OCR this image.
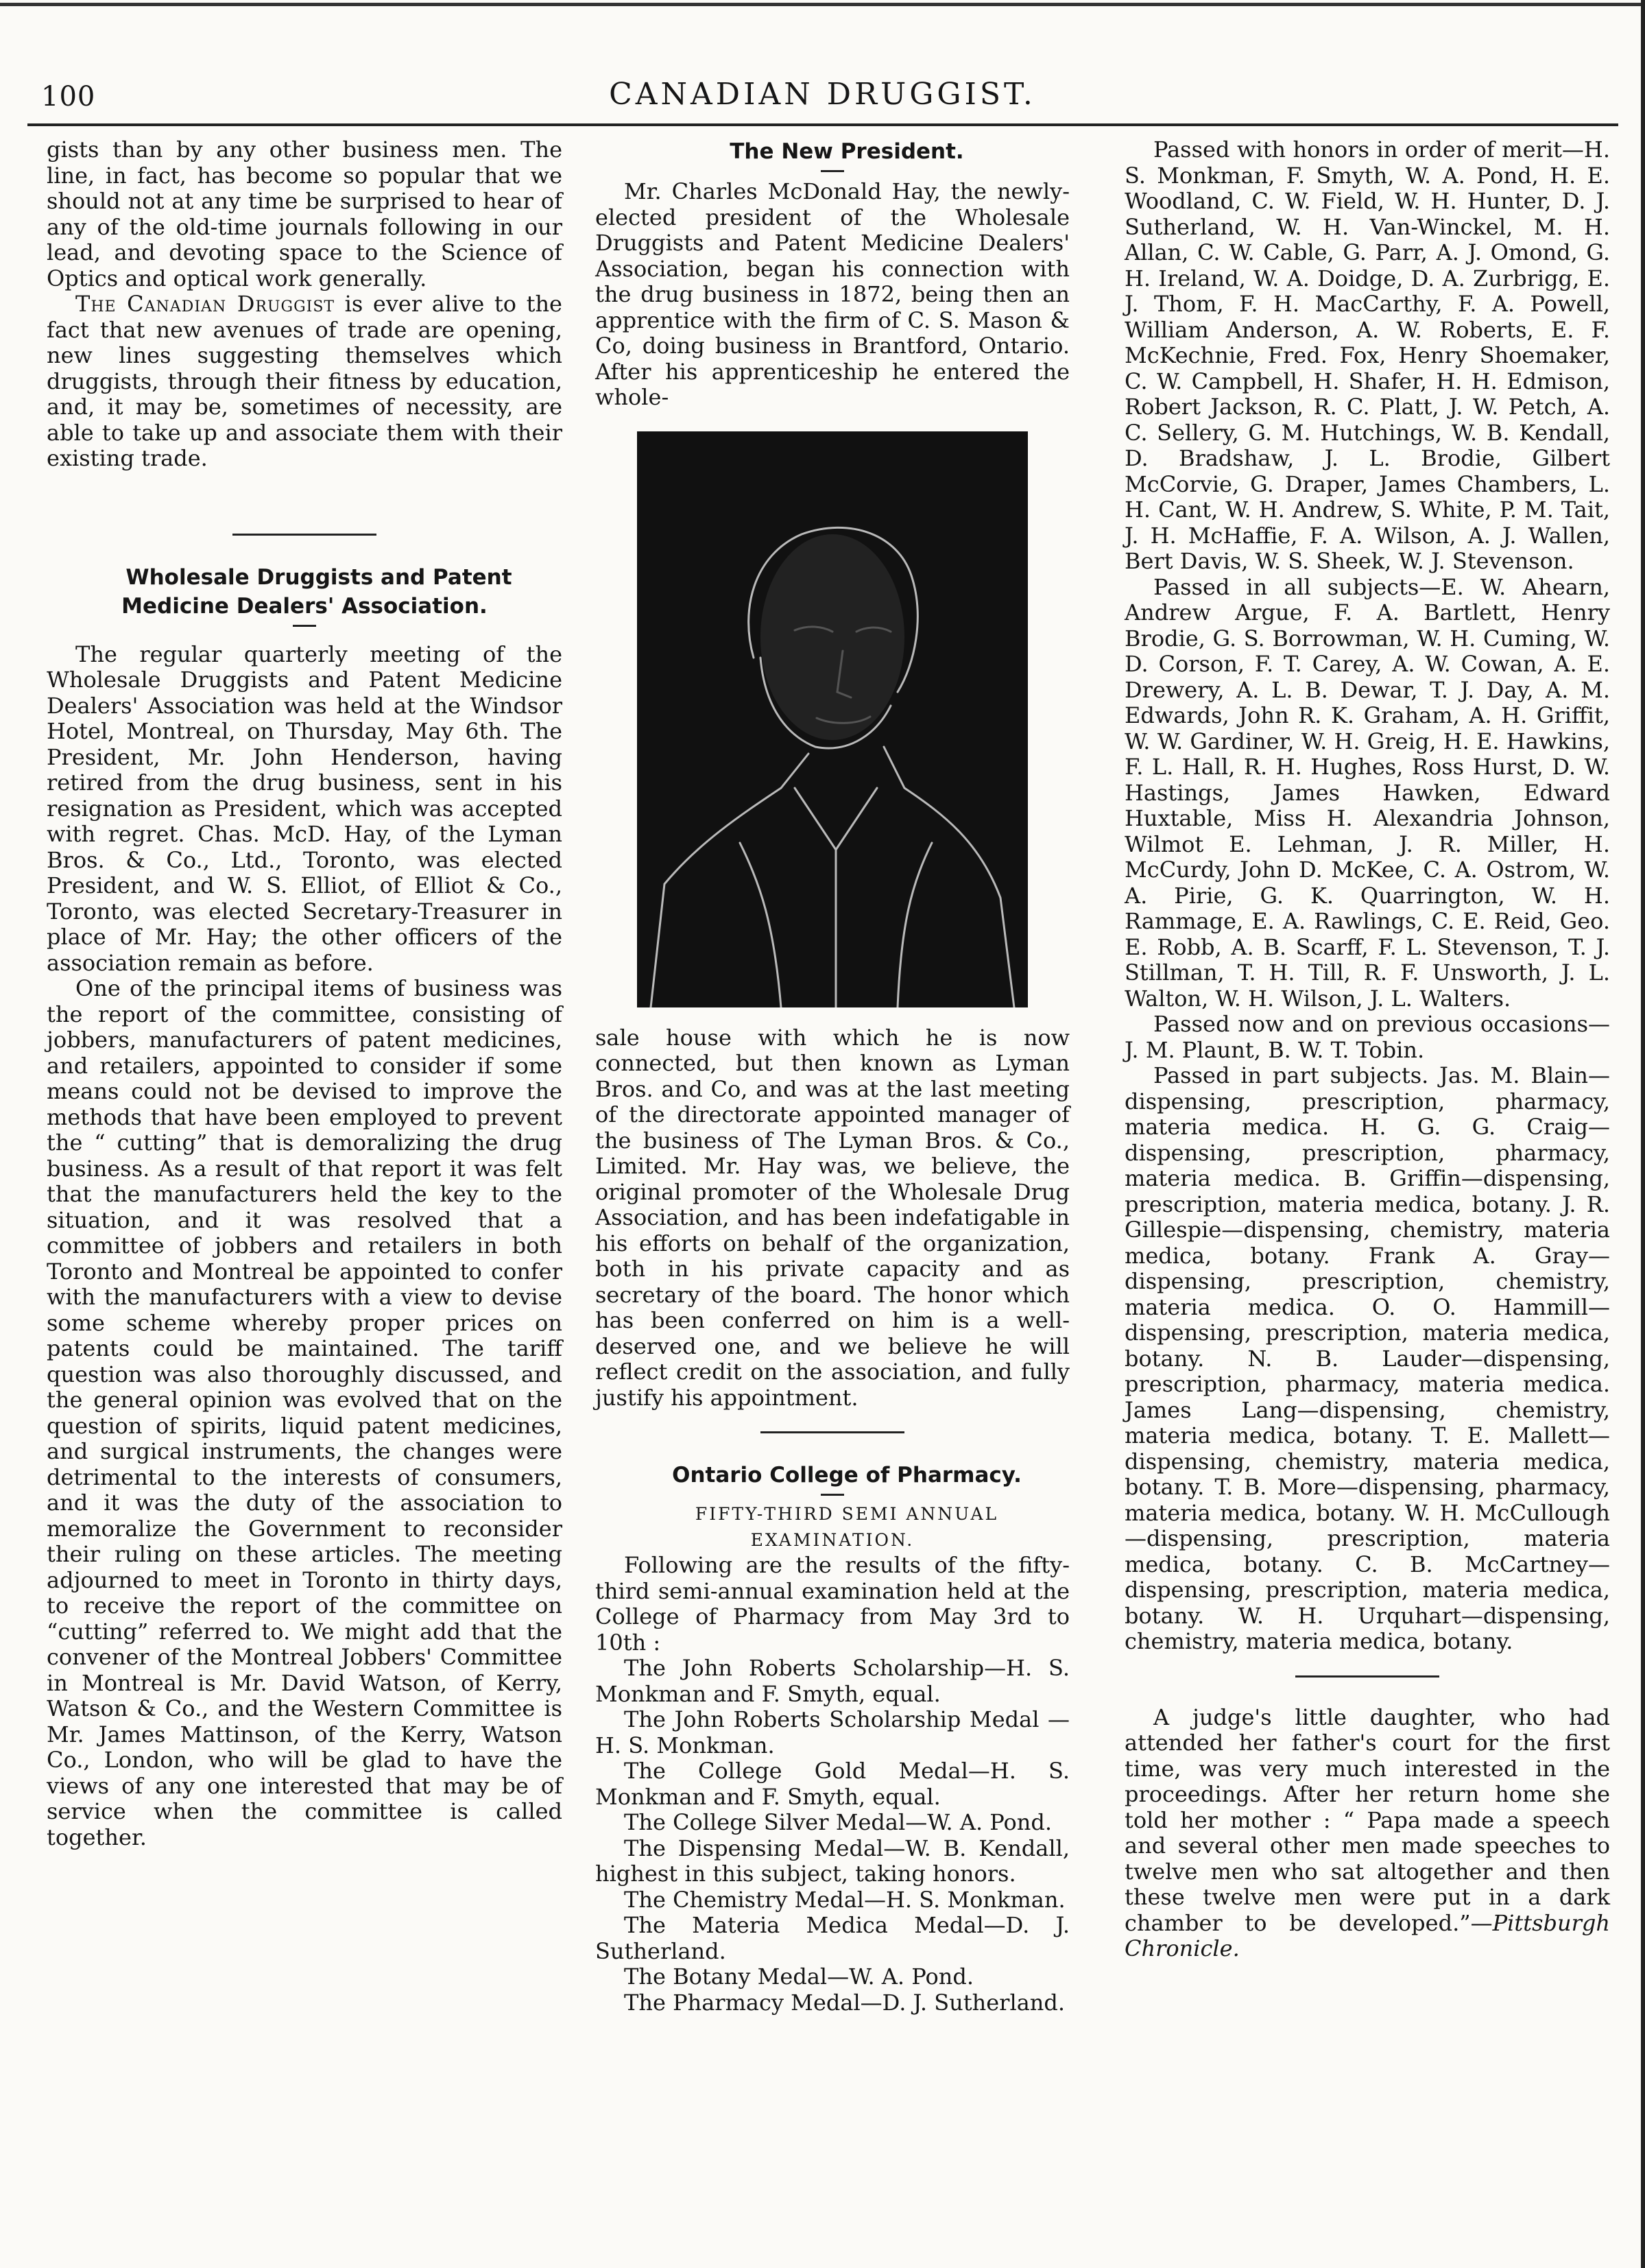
100	CANADIAN DRUGGIST.

gists than by any other business men. The line, in fact, has become so popular that we should not at any time be surprised to hear of any of the old-time journals following in our lead, and devoting space to the Science of Optics and optical work generally.

The Canadian Druggist is ever alive to the fact that new avenues of trade are opening, new lines suggesting themselves which druggists, through their fitness by education, and, it may be, sometimes of necessity, are able to take up and associate them with their existing trade.

Wholesale Druggists and Patent Medicine Dealers' Association.

The regular quarterly meeting of the Wholesale Druggists and Patent Medicine Dealers' Association was held at the Windsor Hotel, Montreal, on Thursday, May 6th. The President, Mr. John Henderson, having retired from the drug business, sent in his resignation as President, which was accepted with regret. Chas. McD. Hay, of the Lyman Bros. & Co., Ltd., Toronto, was elected President, and W. S. Elliot, of Elliot & Co., Toronto, was elected Secretary-Treasurer in place of Mr. Hay; the other officers of the association remain as before.

One of the principal items of business was the report of the committee, consisting of jobbers, manufacturers of patent medicines, and retailers, appointed to consider if some means could not be devised to improve the methods that have been employed to prevent the “ cutting” that is demoralizing the drug business. As a result of that report it was felt that the manufacturers held the key to the situation, and it was resolved that a committee of jobbers and retailers in both Toronto and Montreal be appointed to confer with the manufacturers with a view to devise some scheme whereby proper prices on patents could be maintained. The tariff question was also thoroughly discussed, and the general opinion was evolved that on the question of spirits, liquid patent medicines, and surgical instruments, the changes were detrimental to the interests of consumers, and it was the duty of the association to memoralize the Government to reconsider their ruling on these articles. The meeting adjourned to meet in Toronto in thirty days, to receive the report of the committee on “cutting” referred to. We might add that the convener of the Montreal Jobbers' Committee in Montreal is Mr. David Watson, of Kerry, Watson & Co., and the Western Committee is Mr. James Mattinson, of the Kerry, Watson Co., London, who will be glad to have the views of any one interested that may be of service when the committee is called together.

The New President.

Mr. Charles McDonald Hay, the newly-elected president of the Wholesale Druggists and Patent Medicine Dealers' Association, began his connection with the drug business in 1872, being then an apprentice with the firm of C. S. Mason & Co, doing business in Brantford, Ontario. After his apprenticeship he entered the whole-

sale house with which he is now connected, but then known as Lyman Bros. and Co, and was at the last meeting of the directorate appointed manager of the business of The Lyman Bros. & Co., Limited. Mr. Hay was, we believe, the original promoter of the Wholesale Drug Association, and has been indefatigable in his efforts on behalf of the organization, both in his private capacity and as secretary of the board. The honor which has been conferred on him is a well-deserved one, and we believe he will reflect credit on the association, and fully justify his appointment.

Ontario College of Pharmacy.

FIFTY-THIRD SEMI ANNUAL EXAMINATION.

Following are the results of the fifty-third semi-annual examination held at the College of Pharmacy from May 3rd to 10th :

The John Roberts Scholarship—H. S. Monkman and F. Smyth, equal.

The John Roberts Scholarship Medal —H. S. Monkman.

The College Gold Medal—H. S. Monkman and F. Smyth, equal.

The College Silver Medal—W. A. Pond.

The Dispensing Medal—W. B. Kendall, highest in this subject, taking honors.

The Chemistry Medal—H. S. Monkman.

The Materia Medica Medal—D. J. Sutherland.

The Botany Medal—W. A. Pond.

The Pharmacy Medal—D. J. Sutherland.

Passed with honors in order of merit—H. S. Monkman, F. Smyth, W. A. Pond, H. E. Woodland, C. W. Field, W. H. Hunter, D. J. Sutherland, W. H. Van-Winckel, M. H. Allan, C. W. Cable, G. Parr, A. J. Omond, G. H. Ireland, W. A. Doidge, D. A. Zurbrigg, E. J. Thom, F. H. MacCarthy, F. A. Powell, William Anderson, A. W. Roberts, E. F. McKechnie, Fred. Fox, Henry Shoemaker, C. W. Campbell, H. Shafer, H. H. Edmison, Robert Jackson, R. C. Platt, J. W. Petch, A. C. Sellery, G. M. Hutchings, W. B. Kendall, D. Bradshaw, J. L. Brodie, Gilbert McCorvie, G. Draper, James Chambers, L. H. Cant, W. H. Andrew, S. White, P. M. Tait, J. H. McHaffie, F. A. Wilson, A. J. Wallen, Bert Davis, W. S. Sheek, W. J. Stevenson.

Passed in all subjects—E. W. Ahearn, Andrew Argue, F. A. Bartlett, Henry Brodie, G. S. Borrowman, W. H. Cuming, W. D. Corson, F. T. Carey, A. W. Cowan, A. E. Drewery, A. L. B. Dewar, T. J. Day, A. M. Edwards, John R. K. Graham, A. H. Griffit, W. W. Gardiner, W. H. Greig, H. E. Hawkins, F. L. Hall, R. H. Hughes, Ross Hurst, D. W. Hastings, James Hawken, Edward Huxtable, Miss H. Alexandria Johnson, Wilmot E. Lehman, J. R. Miller, H. McCurdy, John D. McKee, C. A. Ostrom, W. A. Pirie, G. K. Quarrington, W. H. Rammage, E. A. Rawlings, C. E. Reid, Geo. E. Robb, A. B. Scarff, F. L. Stevenson, T. J. Stillman, T. H. Till, R. F. Unsworth, J. L. Walton, W. H. Wilson, J. L. Walters.

Passed now and on previous occasions—J. M. Plaunt, B. W. T. Tobin.

Passed in part subjects. Jas. M. Blain—dispensing, prescription, pharmacy, materia medica. H. G. G. Craig—dispensing, prescription, pharmacy, materia medica. B. Griffin—dispensing, prescription, materia medica, botany. J. R. Gillespie—dispensing, chemistry, materia medica, botany. Frank A. Gray—dispensing, prescription, chemistry, materia medica. O. O. Hammill—dispensing, prescription, materia medica, botany. N. B. Lauder—dispensing, prescription, pharmacy, materia medica. James Lang—dispensing, chemistry, materia medica, botany. T. E. Mallett—dispensing, chemistry, materia medica, botany. T. B. More—dispensing, pharmacy, materia medica, botany. W. H. McCullough—dispensing, prescription, materia medica, botany. C. B. McCartney—dispensing, prescription, materia medica, botany. W. H. Urquhart—dispensing, chemistry, materia medica, botany.

A judge's little daughter, who had attended her father's court for the first time, was very much interested in the proceedings. After her return home she told her mother : “ Papa made a speech and several other men made speeches to twelve men who sat altogether and then these twelve men were put in a dark chamber to be developed.”—Pittsburgh Chronicle.
